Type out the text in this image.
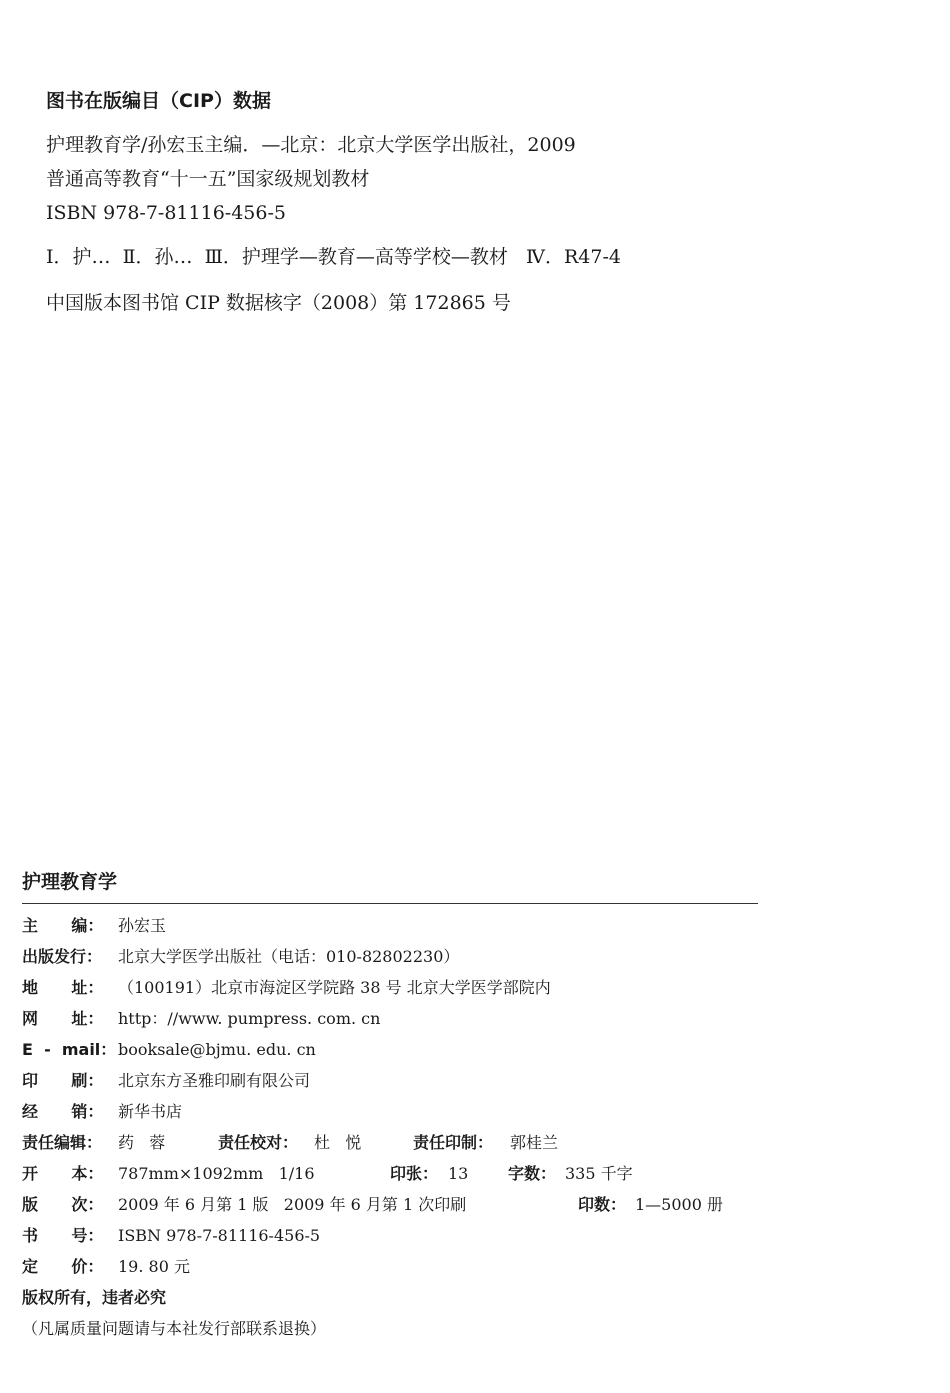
图书在版编目（CIP）数据
护理教育学/孙宏玉主编．—北京：北京大学医学出版社，2009
普通高等教育“十一五”国家级规划教材
ISBN 978-7-81116-456-5
Ⅰ．护…  Ⅱ．孙…  Ⅲ．护理学—教育—高等学校—教材   Ⅳ．R47-4
中国版本图书馆 CIP 数据核字（2008）第 172865 号
护理教育学
主      编： 孙宏玉
出版发行： 北京大学医学出版社（电话：010-82802230）
地      址： （100191）北京市海淀区学院路 38 号 北京大学医学部院内
网      址： http：//www. pumpress. com. cn
E  -  mail： booksale@bjmu. edu. cn
印      刷： 北京东方圣雅印刷有限公司
经      销： 新华书店
责任编辑： 药   蓉	责任校对： 杜   悦	责任印制： 郭桂兰
开      本： 787mm×1092mm   1/16	印张： 13 字数： 335 千字
版      次： 2009 年 6 月第 1 版   2009 年 6 月第 1 次印刷	印数： 1—5000 册
书      号： ISBN 978-7-81116-456-5
定      价： 19. 80 元
版权所有，违者必究
（凡属质量问题请与本社发行部联系退换）
